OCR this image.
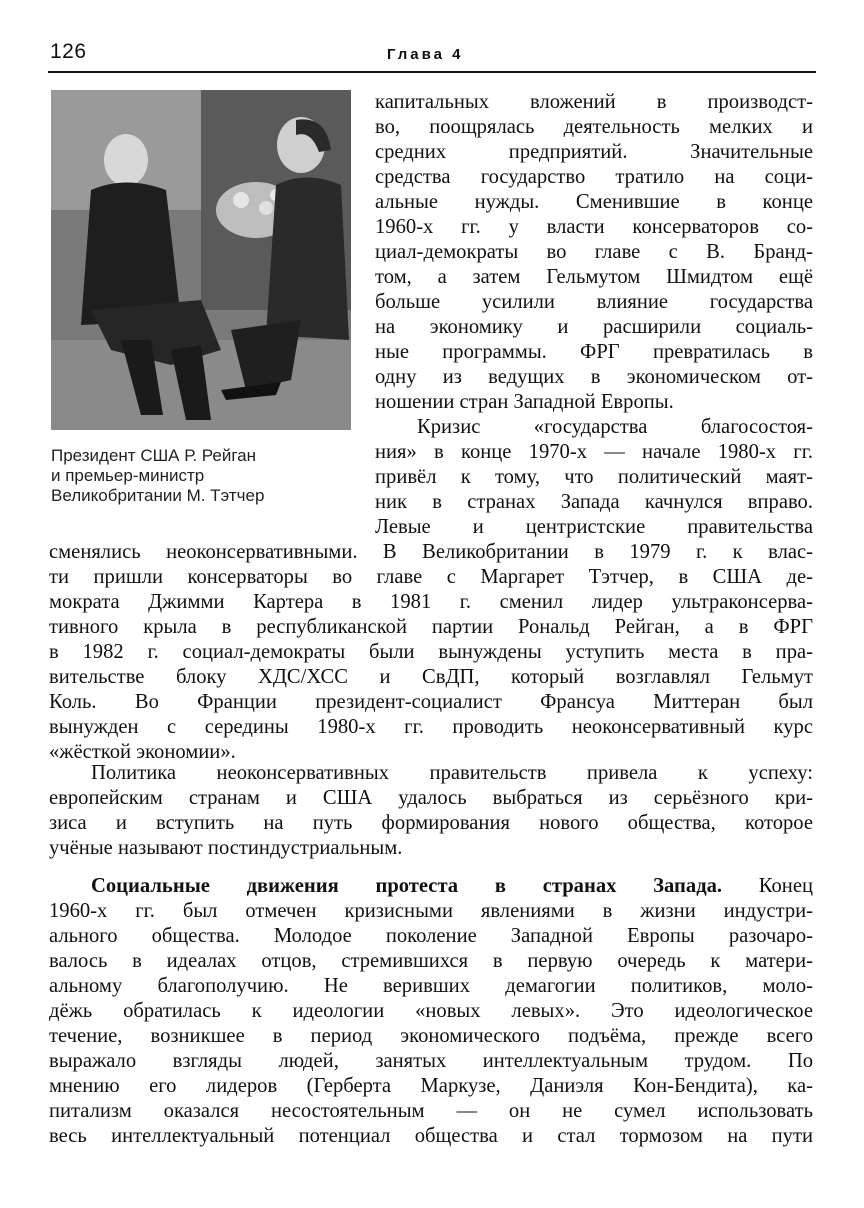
126	Глава 4
Президент США Р. Рейган
и премьер-министр
Великобритании М. Тэтчер
капитальных вложений в производст-
во, поощрялась деятельность мелких и
средних предприятий. Значительные
средства государство тратило на соци-
альные нужды. Сменившие в конце
1960-х гг. у власти консерваторов со-
циал-демократы во главе с В. Бранд-
том, а затем Гельмутом Шмидтом ещё
больше усилили влияние государства
на экономику и расширили социаль-
ные программы. ФРГ превратилась в
одну из ведущих в экономическом от-
ношении стран Западной Европы.
Кризис «государства благосостоя-
ния» в конце 1970-х — начале 1980-х гг.
привёл к тому, что политический маят-
ник в странах Запада качнулся вправо.
Левые и центристские правительства
сменялись неоконсервативными. В Великобритании в 1979 г. к влас-
ти пришли консерваторы во главе с Маргарет Тэтчер, в США де-
мократа Джимми Картера в 1981 г. сменил лидер ультраконсерва-
тивного крыла в республиканской партии Рональд Рейган, а в ФРГ
в 1982 г. социал-демократы были вынуждены уступить места в пра-
вительстве блоку ХДС/ХСС и СвДП, который возглавлял Гельмут
Коль. Во Франции президент-социалист Франсуа Миттеран был
вынужден с середины 1980-х гг. проводить неоконсервативный курс
«жёсткой экономии».
Политика неоконсервативных правительств привела к успеху:
европейским странам и США удалось выбраться из серьёзного кри-
зиса и вступить на путь формирования нового общества, которое
учёные называют постиндустриальным.
Социальные движения протеста в странах Запада. Конец
1960-х гг. был отмечен кризисными явлениями в жизни индустри-
ального общества. Молодое поколение Западной Европы разочаро-
валось в идеалах отцов, стремившихся в первую очередь к матери-
альному благополучию. Не веривших демагогии политиков, моло-
дёжь обратилась к идеологии «новых левых». Это идеологическое
течение, возникшее в период экономического подъёма, прежде всего
выражало взгляды людей, занятых интеллектуальным трудом. По
мнению его лидеров (Герберта Маркузе, Даниэля Кон-Бендита), ка-
питализм оказался несостоятельным — он не сумел использовать
весь интеллектуальный потенциал общества и стал тормозом на пути
